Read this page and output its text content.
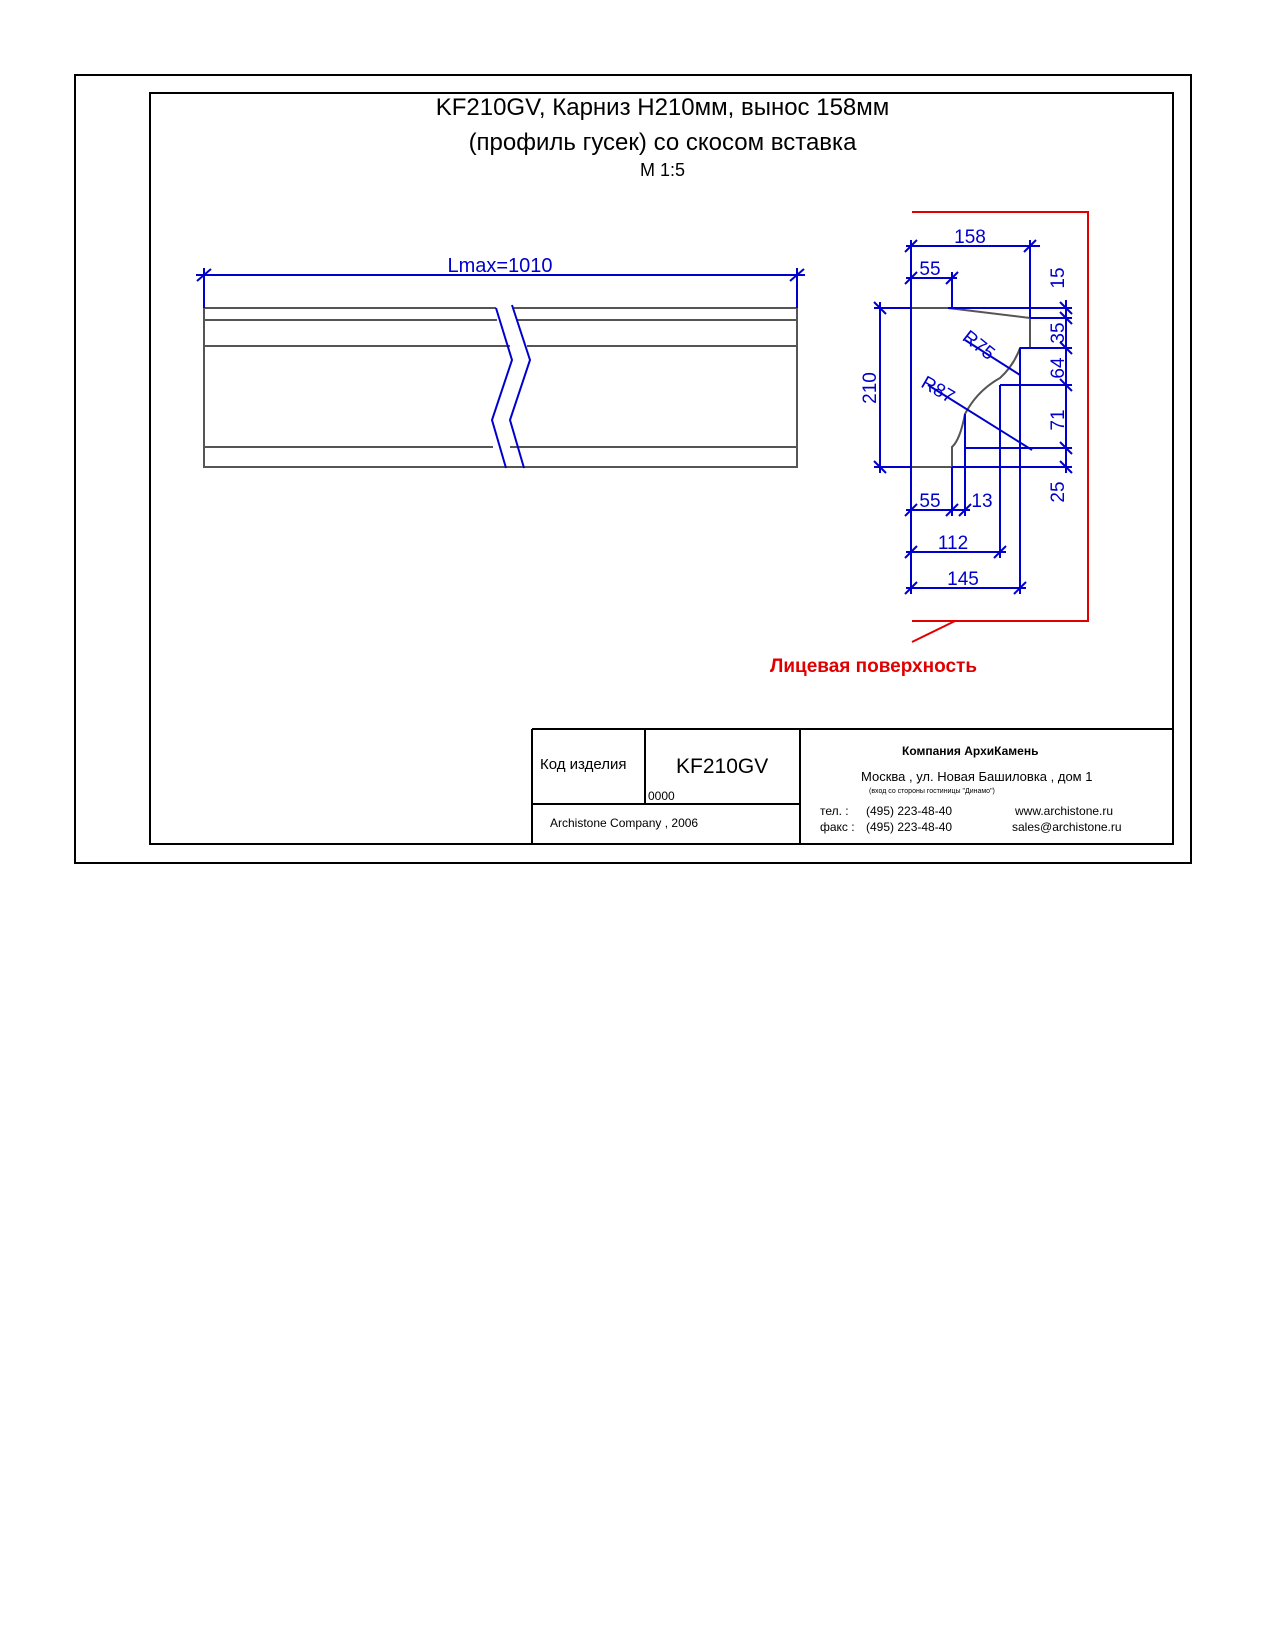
Lmax=1010
158
55	15
35
R75
210 R87
64
71
25
55 13
112
145
KF210GV, Карниз H210мм, вынос 158мм
(профиль гусек) со скосом вставка
М 1:5
Лицевая поверхность
Код изделия KF210GV
0000
Archistone Company , 2006
Компания АрхиКамень
Москва , ул. Новая Башиловка , дом 1
(вход со стороны гостиницы "Динамо")
тел. : (495) 223-48-40	www.archistone.ru
факс : (495) 223-48-40	sales@archistone.ru
